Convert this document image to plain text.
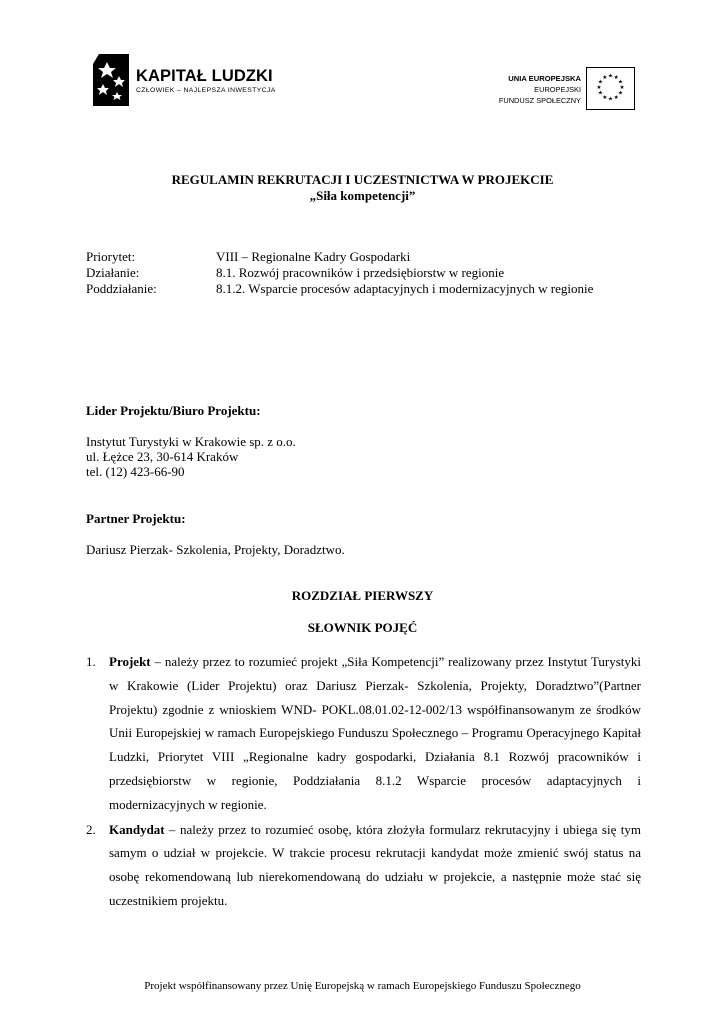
KAPITAŁ LUDZKI
CZŁOWIEK – NAJLEPSZA INWESTYCJA
UNIA EUROPEJSKA
EUROPEJSKI
FUNDUSZ SPOŁECZNY
★ ★
★
★
★
★
★
★
★
★
★
★
REGULAMIN REKRUTACJI I UCZESTNICTWA W PROJEKCIE
„Siła kompetencji”
Priorytet:	VIII – Regionalne Kadry Gospodarki
Działanie:	8.1. Rozwój pracowników i przedsiębiorstw w regionie
Poddziałanie:	8.1.2. Wsparcie procesów adaptacyjnych i modernizacyjnych w regionie
Lider Projektu/Biuro Projektu:
Instytut Turystyki w Krakowie sp. z o.o.
ul. Łężce 23, 30-614 Kraków
tel. (12) 423-66-90
Partner Projektu:
Dariusz Pierzak- Szkolenia, Projekty, Doradztwo.
ROZDZIAŁ PIERWSZY
SŁOWNIK POJĘĆ
1. Projekt – należy przez to rozumieć projekt „Siła Kompetencji” realizowany przez Instytut Turystyki w Krakowie (Lider Projektu) oraz Dariusz Pierzak- Szkolenia, Projekty, Doradztwo”(Partner Projektu) zgodnie z wnioskiem WND- POKL.08.01.02-12-002/13 współfinansowanym ze środków Unii Europejskiej w ramach Europejskiego Funduszu Społecznego – Programu Operacyjnego Kapitał Ludzki, Priorytet VIII „Regionalne kadry gospodarki, Działania 8.1 Rozwój pracowników i przedsiębiorstw w regionie, Poddziałania 8.1.2 Wsparcie procesów adaptacyjnych i modernizacyjnych w regionie.
2. Kandydat – należy przez to rozumieć osobę, która złożyła formularz rekrutacyjny i ubiega się tym samym o udział w projekcie. W trakcie procesu rekrutacji kandydat może zmienić swój status na osobę rekomendowaną lub nierekomendowaną do udziału w projekcie, a następnie może stać się uczestnikiem projektu.
Projekt współfinansowany przez Unię Europejską w ramach Europejskiego Funduszu Społecznego
